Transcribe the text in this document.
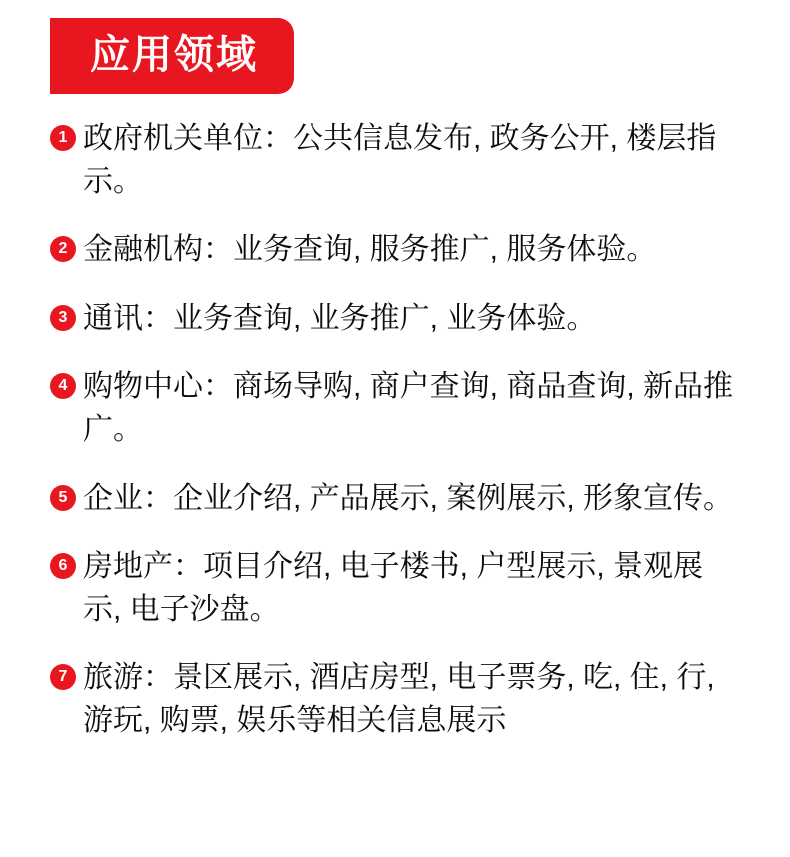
应用领域
1 政府机关单位：公共信息发布, 政务公开, 楼层指示。
2 金融机构：业务查询, 服务推广, 服务体验。
3 通讯：业务查询, 业务推广, 业务体验。
4 购物中心：商场导购, 商户查询, 商品查询, 新品推广。
5 企业：企业介绍, 产品展示, 案例展示, 形象宣传。
6 房地产：项目介绍, 电子楼书, 户型展示, 景观展示, 电子沙盘。
7 旅游：景区展示, 酒店房型, 电子票务, 吃, 住, 行, 游玩, 购票, 娱乐等相关信息展示
